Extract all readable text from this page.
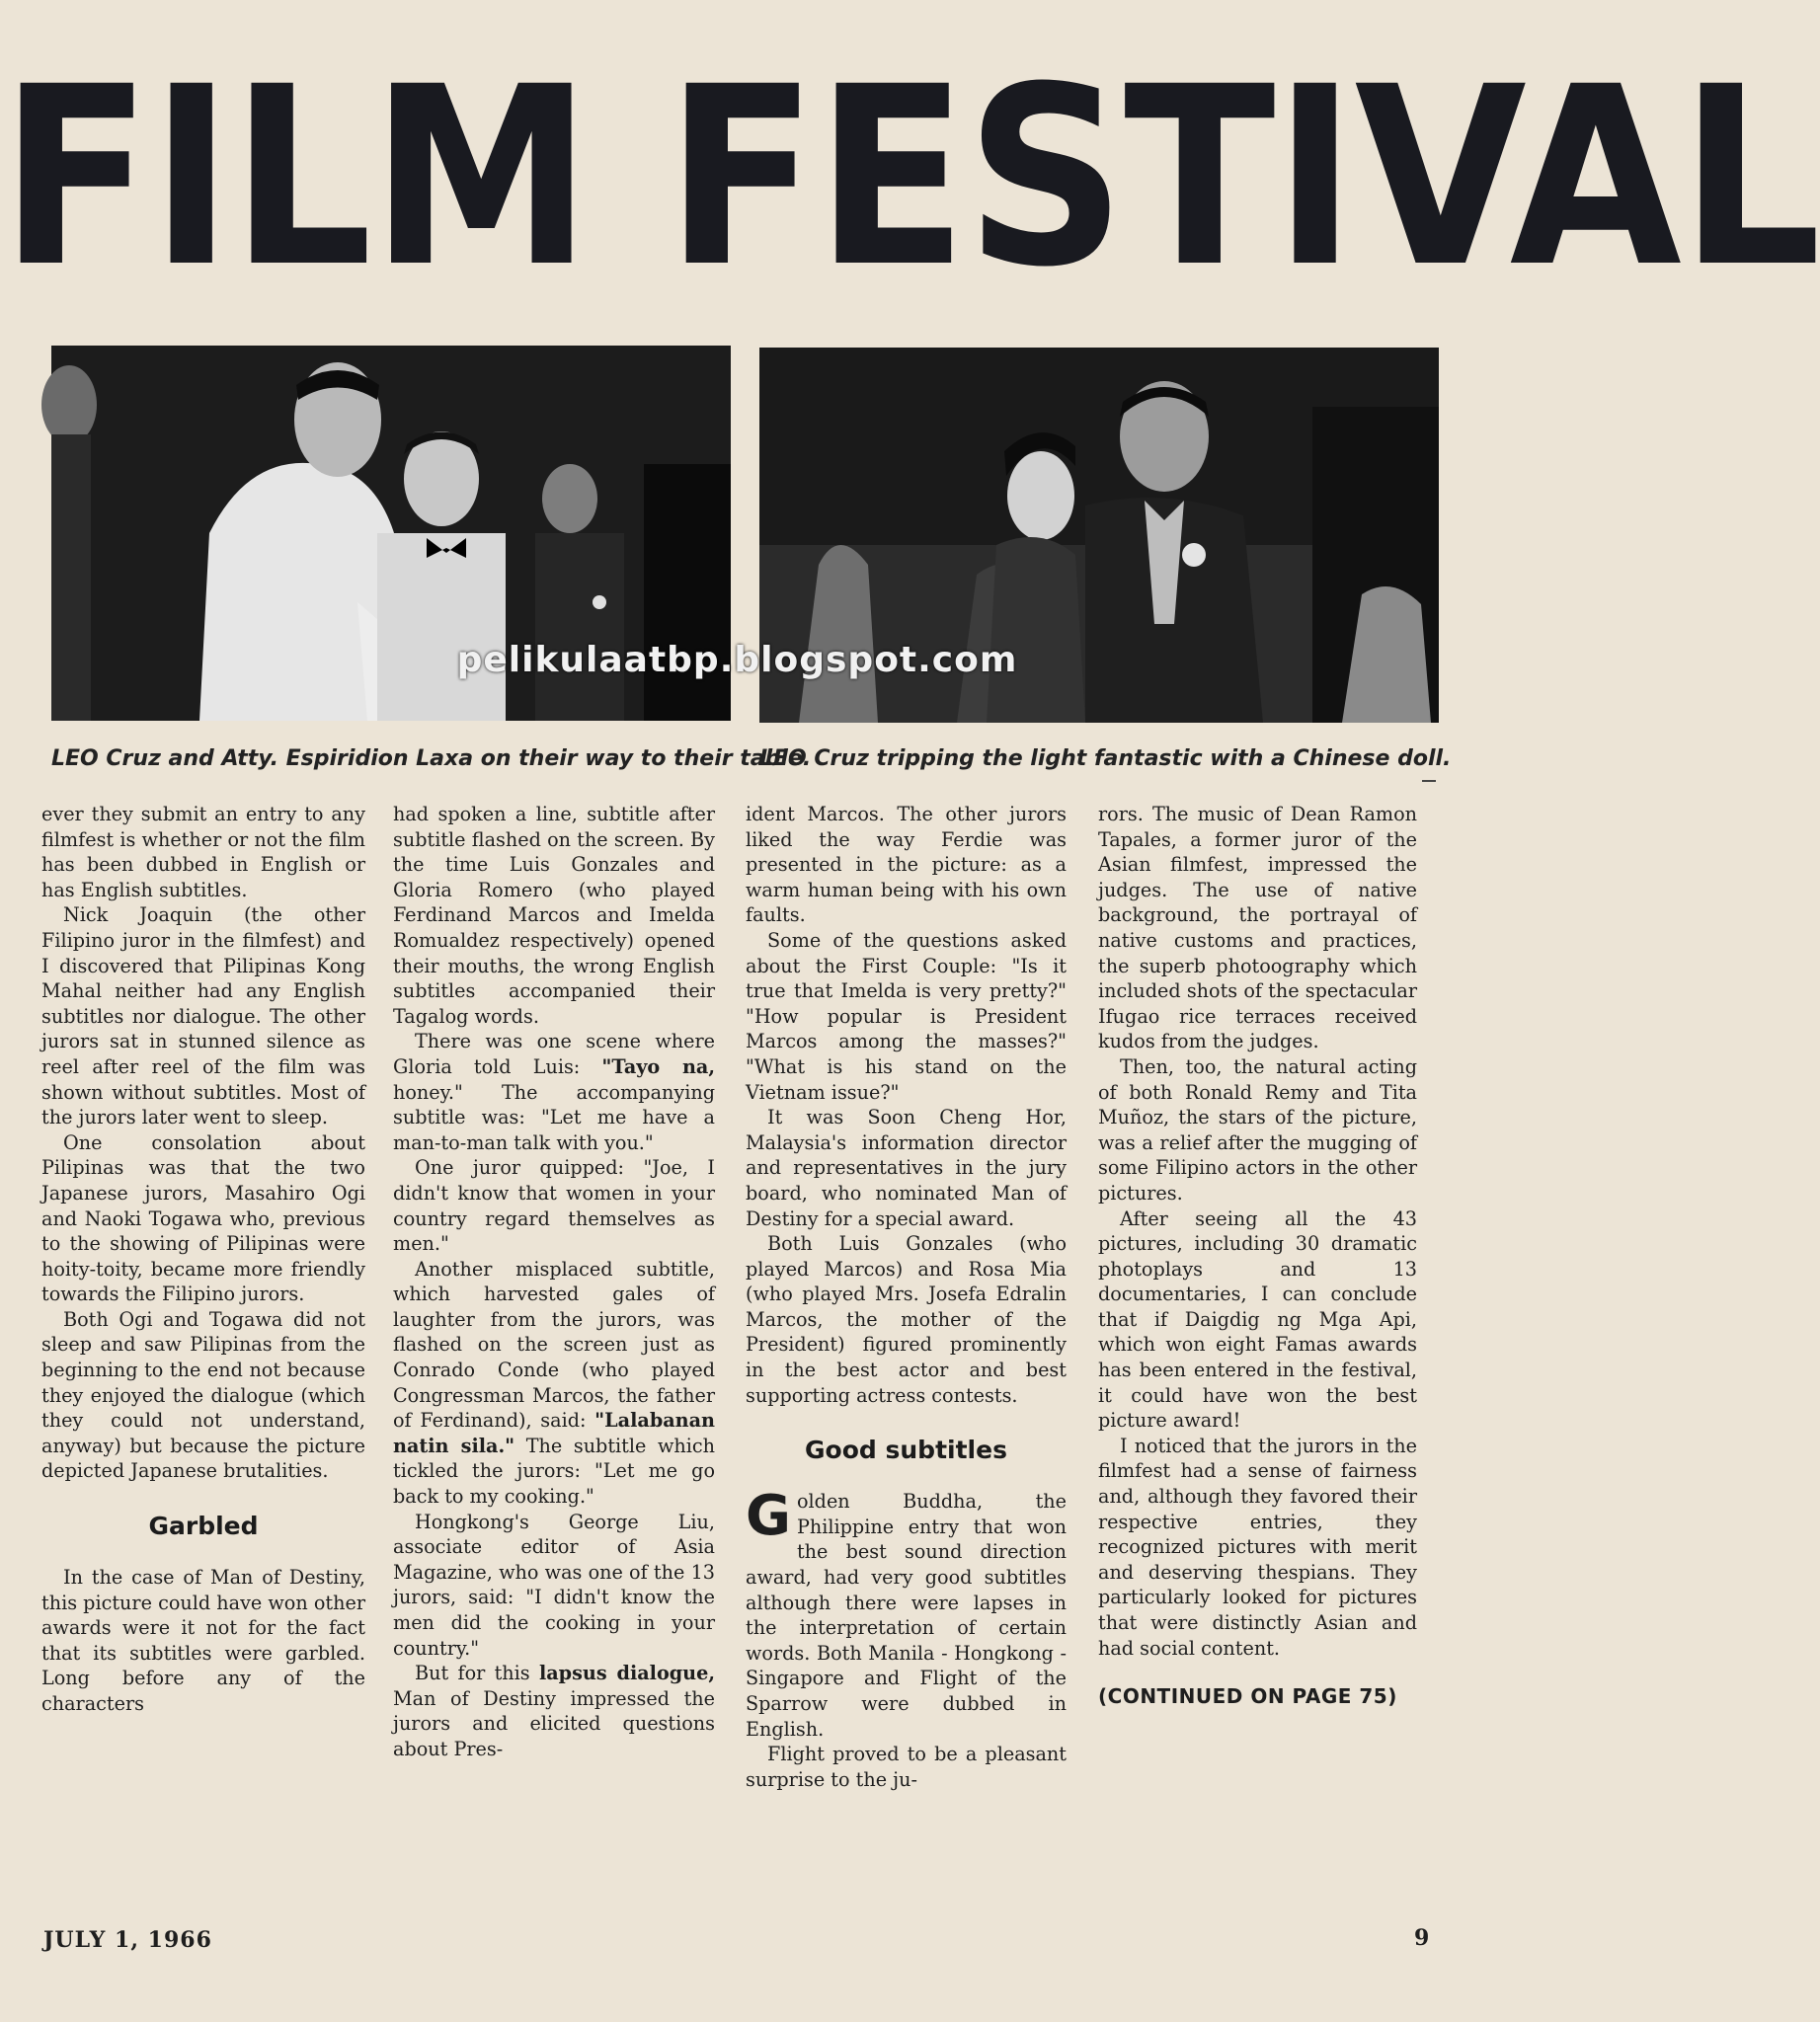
FILM FESTIVAL
pelikulaatbp.blogspot.com
LEO Cruz and Atty. Espiridion Laxa on their way to their table.
LEO Cruz tripping the light fantastic with a Chinese doll.

ever they submit an entry to any filmfest is whether or not the film has been dubbed in English or has English subtitles.

Nick Joaquin (the other Filipino juror in the filmfest) and I discovered that Pilipinas Kong Mahal neither had any English subtitles nor dialogue. The other jurors sat in stunned silence as reel after reel of the film was shown without subtitles. Most of the jurors later went to sleep.

One consolation about Pilipinas was that the two Japanese jurors, Masahiro Ogi and Naoki Togawa who, previous to the showing of Pilipinas were hoity-toity, became more friendly towards the Filipino jurors.

Both Ogi and Togawa did not sleep and saw Pilipinas from the beginning to the end not because they enjoyed the dialogue (which they could not understand, anyway) but because the picture depicted Japanese brutalities.

Garbled

In the case of Man of Destiny, this picture could have won other awards were it not for the fact that its subtitles were garbled. Long before any of the characters

had spoken a line, subtitle after subtitle flashed on the screen. By the time Luis Gonzales and Gloria Romero (who played Ferdinand Marcos and Imelda Romualdez respectively) opened their mouths, the wrong English subtitles accompanied their Tagalog words.

There was one scene where Gloria told Luis: "Tayo na, honey." The accompanying subtitle was: "Let me have a man-to-man talk with you."

One juror quipped: "Joe, I didn't know that women in your country regard themselves as men."

Another misplaced subtitle, which harvested gales of laughter from the jurors, was flashed on the screen just as Conrado Conde (who played Congressman Marcos, the father of Ferdinand), said: "Lalabanan natin sila." The subtitle which tickled the jurors: "Let me go back to my cooking."

Hongkong's George Liu, associate editor of Asia Magazine, who was one of the 13 jurors, said: "I didn't know the men did the cooking in your country."

But for this lapsus dialogue, Man of Destiny impressed the jurors and elicited questions about Pres-

ident Marcos. The other jurors liked the way Ferdie was presented in the picture: as a warm human being with his own faults.

Some of the questions asked about the First Couple: "Is it true that Imelda is very pretty?" "How popular is President Marcos among the masses?" "What is his stand on the Vietnam issue?"

It was Soon Cheng Hor, Malaysia's information director and representatives in the jury board, who nominated Man of Destiny for a special award.

Both Luis Gonzales (who played Marcos) and Rosa Mia (who played Mrs. Josefa Edralin Marcos, the mother of the President) figured prominently in the best actor and best supporting actress contests.

Good subtitles

Golden Buddha, the Philippine entry that won the best sound direction award, had very good subtitles although there were lapses in the interpretation of certain words. Both Manila - Hongkong - Singapore and Flight of the Sparrow were dubbed in English.

Flight proved to be a pleasant surprise to the ju-

rors. The music of Dean Ramon Tapales, a former juror of the Asian filmfest, impressed the judges. The use of native background, the portrayal of native customs and practices, the superb photoography which included shots of the spectacular Ifugao rice terraces received kudos from the judges.

Then, too, the natural acting of both Ronald Remy and Tita Muñoz, the stars of the picture, was a relief after the mugging of some Filipino actors in the other pictures.

After seeing all the 43 pictures, including 30 dramatic photoplays and 13 documentaries, I can conclude that if Daigdig ng Mga Api, which won eight Famas awards has been entered in the festival, it could have won the best picture award!

I noticed that the jurors in the filmfest had a sense of fairness and, although they favored their respective entries, they recognized pictures with merit and deserving thespians. They particularly looked for pictures that were distinctly Asian and had social content.

(CONTINUED ON PAGE 75)

JULY 1, 1966	9
